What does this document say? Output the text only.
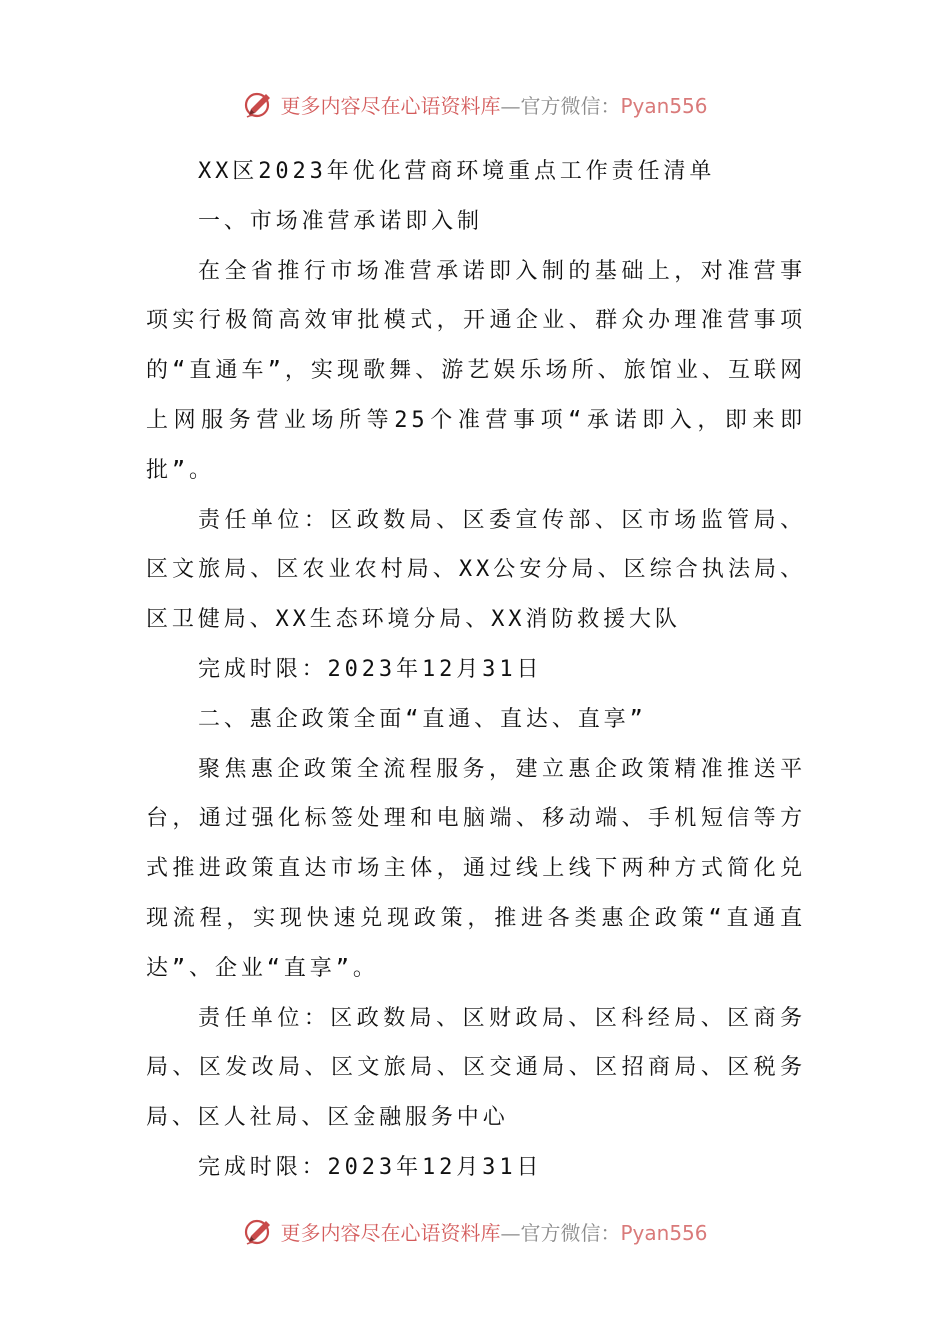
更多内容尽在心语资料库—官方微信：Pyan556

XX区2023年优化营商环境重点工作责任清单

一、市场准营承诺即入制

在全省推行市场准营承诺即入制的基础上，对准营事项实行极简高效审批模式，开通企业、群众办理准营事项的“直通车”，实现歌舞、游艺娱乐场所、旅馆业、互联网上网服务营业场所等25个准营事项“承诺即入，即来即批”。

责任单位：区政数局、区委宣传部、区市场监管局、区文旅局、区农业农村局、XX公安分局、区综合执法局、区卫健局、XX生态环境分局、XX消防救援大队

完成时限：2023年12月31日

二、惠企政策全面“直通、直达、直享”

聚焦惠企政策全流程服务，建立惠企政策精准推送平台，通过强化标签处理和电脑端、移动端、手机短信等方式推进政策直达市场主体，通过线上线下两种方式简化兑现流程，实现快速兑现政策，推进各类惠企政策“直通直达”、企业“直享”。

责任单位：区政数局、区财政局、区科经局、区商务局、区发改局、区文旅局、区交通局、区招商局、区税务局、区人社局、区金融服务中心

完成时限：2023年12月31日

更多内容尽在心语资料库—官方微信：Pyan556
